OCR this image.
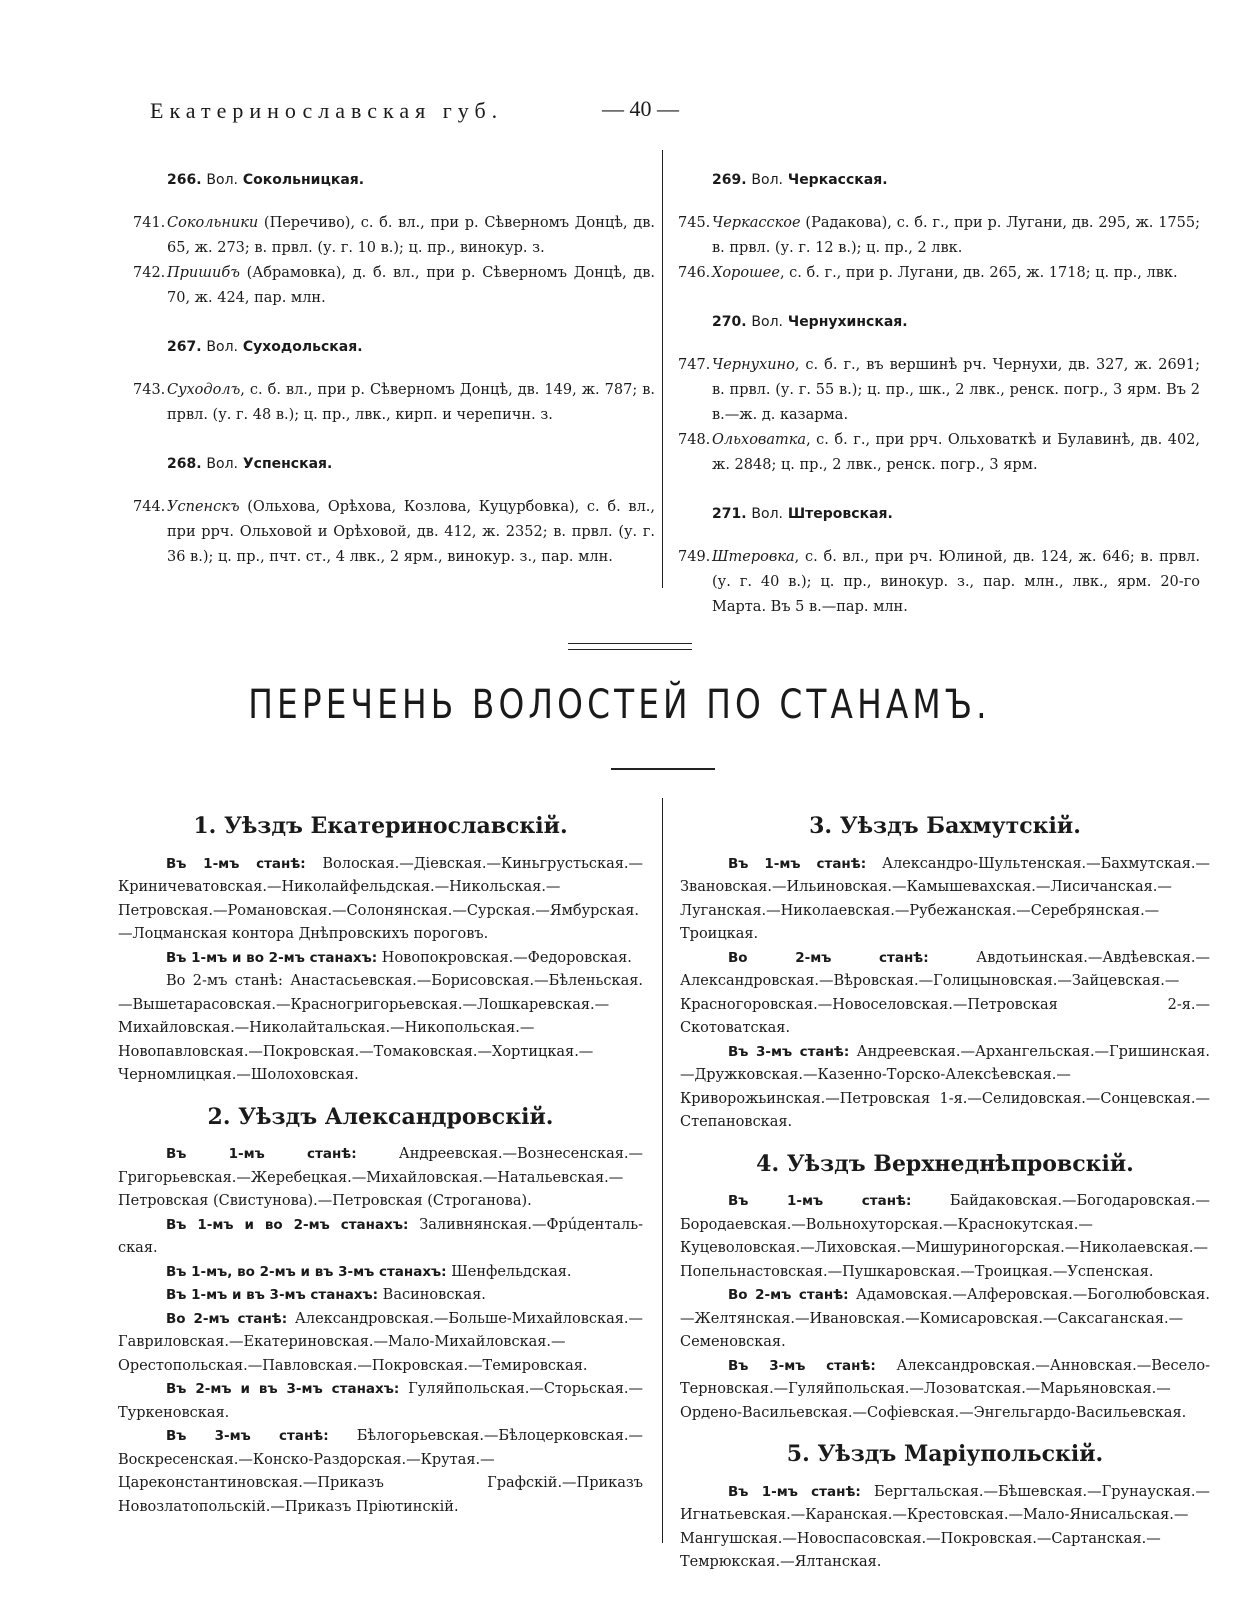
Екатеринославская губ.	— 40 —

266. Вол. Сокольницкая.

741. Сокольники (Перечиво), с. б. вл., при р. Сѣверномъ Донцѣ, дв. 65, ж. 273; в. првл. (у. г. 10 в.); ц. пр., винокур. з.

742. Пришибъ (Абрамовка), д. б. вл., при р. Сѣверномъ Донцѣ, дв. 70, ж. 424, пар. млн.

267. Вол. Суходольская.

743. Суходолъ, с. б. вл., при р. Сѣверномъ Донцѣ, дв. 149, ж. 787; в. првл. (у. г. 48 в.); ц. пр., лвк., кирп. и черепичн. з.

268. Вол. Успенская.

744. Успенскъ (Ольхова, Орѣхова, Козлова, Куцурбовка), с. б. вл., при ррч. Ольховой и Орѣховой, дв. 412, ж. 2352; в. првл. (у. г. 36 в.); ц. пр., пчт. ст., 4 лвк., 2 ярм., винокур. з., пар. млн.

269. Вол. Черкасская.

745. Черкасское (Радакова), с. б. г., при р. Лугани, дв. 295, ж. 1755; в. првл. (у. г. 12 в.); ц. пр., 2 лвк.

746. Хорошее, с. б. г., при р. Лугани, дв. 265, ж. 1718; ц. пр., лвк.

270. Вол. Чернухинская.

747. Чернухино, с. б. г., въ вершинѣ рч. Чернухи, дв. 327, ж. 2691; в. првл. (у. г. 55 в.); ц. пр., шк., 2 лвк., ренск. погр., 3 ярм. Въ 2 в.—ж. д. казарма.

748. Ольховатка, с. б. г., при ррч. Ольховаткѣ и Булавинѣ, дв. 402, ж. 2848; ц. пр., 2 лвк., ренск. погр., 3 ярм.

271. Вол. Штеровская.

749. Штеровка, с. б. вл., при рч. Юлиной, дв. 124, ж. 646; в. првл. (у. г. 40 в.); ц. пр., винокур. з., пар. млн., лвк., ярм. 20-го Марта. Въ 5 в.—пар. млн.

ПЕРЕЧЕНЬ ВОЛОСТЕЙ ПО СТАНАМЪ.

1. Уѣздъ Екатеринославскій.

Въ 1-мъ станѣ: Волоская.—Діевская.—Киньгрустьская.—Криничеватовская.—Николайфельдская.—Никольская.—Петровская.—Романовская.—Солонянская.—Сурская.—Ямбурская.—Лоцманская контора Днѣпровскихъ пороговъ.

Въ 1-мъ и во 2-мъ станахъ: Новопокровская.—Федоровская.

Во 2-мъ станѣ: Анастасьевская.—Борисовская.—Бѣленьская.—Вышетарасовская.—Красногригорьевская.—Лошкаревская.—Михайловская.—Николайтальская.—Никопольская.—Новопавловская.—Покровская.—Томаковская.—Хортицкая.—Черномлицкая.—Шолоховская.

2. Уѣздъ Александровскій.

Въ 1-мъ станѣ: Андреевская.—Вознесенская.—Григорьевская.—Жеребецкая.—Михайловская.—Натальевская.—Петровская (Свистунова).—Петровская (Строганова).

Въ 1-мъ и во 2-мъ станахъ: Заливнянская.—Фрúденталь-ская.

Въ 1-мъ, во 2-мъ и въ 3-мъ станахъ: Шенфельдская.

Въ 1-мъ и въ 3-мъ станахъ: Васиновская.

Во 2-мъ станѣ: Александровская.—Больше-Михайловская.—Гавриловская.—Екатериновская.—Мало-Михайловская.—Орестопольская.—Павловская.—Покровская.—Темировская.

Въ 2-мъ и въ 3-мъ станахъ: Гуляйпольская.—Сторьская.—Туркеновская.

Въ 3-мъ станѣ: Бѣлогорьевская.—Бѣлоцерковская.—Воскресенская.—Конско-Раздорская.—Крутая.—Цареконстантиновская.—Приказъ Графскій.—Приказъ Новозлатопольскій.—Приказъ Пріютинскій.

3. Уѣздъ Бахмутскій.

Въ 1-мъ станѣ: Александро-Шультенская.—Бахмутская.—Звановская.—Ильиновская.—Камышевахская.—Лисичанская.—Луганская.—Николаевская.—Рубежанская.—Серебрянская.—Троицкая.

Во 2-мъ станѣ: Авдотьинская.—Авдѣевская.—Александровская.—Вѣровская.—Голицыновская.—Зайцевская.—Красногоровская.—Новоселовская.—Петровская 2-я.—Скотоватская.

Въ 3-мъ станѣ: Андреевская.—Архангельская.—Гришинская.—Дружковская.—Казенно-Торско-Алексѣевская.—Криворожьинская.—Петровская 1-я.—Селидовская.—Сонцевская.—Степановская.

4. Уѣздъ Верхнеднѣпровскій.

Въ 1-мъ станѣ: Байдаковская.—Богодаровская.—Бородаевская.—Вольнохуторская.—Краснокутская.—Куцеволовская.—Лиховская.—Мишуриногорская.—Николаевская.—Попельнастовская.—Пушкаровская.—Троицкая.—Успенская.

Во 2-мъ станѣ: Адамовская.—Алферовская.—Боголюбовская.—Желтянская.—Ивановская.—Комисаровская.—Саксаганская.—Семеновская.

Въ 3-мъ станѣ: Александровская.—Анновская.—Весело-Терновская.—Гуляйпольская.—Лозоватская.—Марьяновская.—Ордено-Васильевская.—Софіевская.—Энгельгардо-Васильевская.

5. Уѣздъ Маріупольскій.

Въ 1-мъ станѣ: Бергтальская.—Бѣшевская.—Грунауская.—Игнатьевская.—Каранская.—Крестовская.—Мало-Янисальская.—Мангушская.—Новоспасовская.—Покровская.—Сартанская.—Темрюкская.—Ялтанская.
